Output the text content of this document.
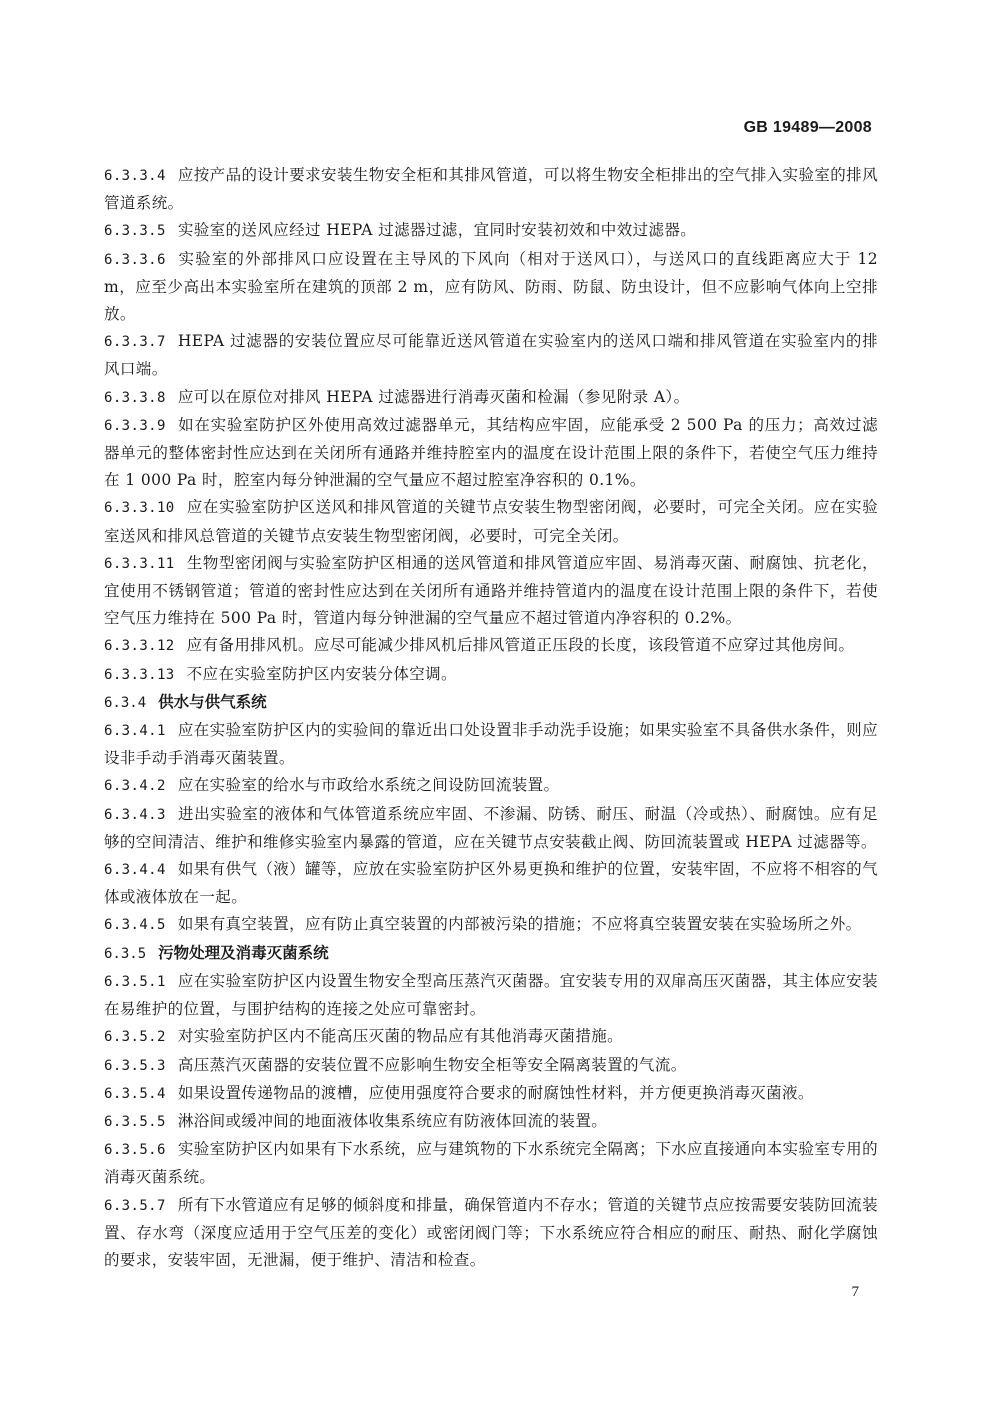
GB 19489—2008

6.3.3.4 应按产品的设计要求安装生物安全柜和其排风管道，可以将生物安全柜排出的空气排入实验室的排风管道系统。

6.3.3.5 实验室的送风应经过 HEPA 过滤器过滤，宜同时安装初效和中效过滤器。

6.3.3.6 实验室的外部排风口应设置在主导风的下风向（相对于送风口），与送风口的直线距离应大于 12 m，应至少高出本实验室所在建筑的顶部 2 m，应有防风、防雨、防鼠、防虫设计，但不应影响气体向上空排放。

6.3.3.7 HEPA 过滤器的安装位置应尽可能靠近送风管道在实验室内的送风口端和排风管道在实验室内的排风口端。

6.3.3.8 应可以在原位对排风 HEPA 过滤器进行消毒灭菌和检漏（参见附录 A）。

6.3.3.9 如在实验室防护区外使用高效过滤器单元，其结构应牢固，应能承受 2 500 Pa 的压力；高效过滤器单元的整体密封性应达到在关闭所有通路并维持腔室内的温度在设计范围上限的条件下，若使空气压力维持在 1 000 Pa 时，腔室内每分钟泄漏的空气量应不超过腔室净容积的 0.1%。

6.3.3.10 应在实验室防护区送风和排风管道的关键节点安装生物型密闭阀，必要时，可完全关闭。应在实验室送风和排风总管道的关键节点安装生物型密闭阀，必要时，可完全关闭。

6.3.3.11 生物型密闭阀与实验室防护区相通的送风管道和排风管道应牢固、易消毒灭菌、耐腐蚀、抗老化，宜使用不锈钢管道；管道的密封性应达到在关闭所有通路并维持管道内的温度在设计范围上限的条件下，若使空气压力维持在 500 Pa 时，管道内每分钟泄漏的空气量应不超过管道内净容积的 0.2%。

6.3.3.12 应有备用排风机。应尽可能减少排风机后排风管道正压段的长度，该段管道不应穿过其他房间。

6.3.3.13 不应在实验室防护区内安装分体空调。

6.3.4 供水与供气系统

6.3.4.1 应在实验室防护区内的实验间的靠近出口处设置非手动洗手设施；如果实验室不具备供水条件，则应设非手动手消毒灭菌装置。

6.3.4.2 应在实验室的给水与市政给水系统之间设防回流装置。

6.3.4.3 进出实验室的液体和气体管道系统应牢固、不渗漏、防锈、耐压、耐温（冷或热）、耐腐蚀。应有足够的空间清洁、维护和维修实验室内暴露的管道，应在关键节点安装截止阀、防回流装置或 HEPA 过滤器等。

6.3.4.4 如果有供气（液）罐等，应放在实验室防护区外易更换和维护的位置，安装牢固，不应将不相容的气体或液体放在一起。

6.3.4.5 如果有真空装置，应有防止真空装置的内部被污染的措施；不应将真空装置安装在实验场所之外。

6.3.5 污物处理及消毒灭菌系统

6.3.5.1 应在实验室防护区内设置生物安全型高压蒸汽灭菌器。宜安装专用的双扉高压灭菌器，其主体应安装在易维护的位置，与围护结构的连接之处应可靠密封。

6.3.5.2 对实验室防护区内不能高压灭菌的物品应有其他消毒灭菌措施。

6.3.5.3 高压蒸汽灭菌器的安装位置不应影响生物安全柜等安全隔离装置的气流。

6.3.5.4 如果设置传递物品的渡槽，应使用强度符合要求的耐腐蚀性材料，并方便更换消毒灭菌液。

6.3.5.5 淋浴间或缓冲间的地面液体收集系统应有防液体回流的装置。

6.3.5.6 实验室防护区内如果有下水系统，应与建筑物的下水系统完全隔离；下水应直接通向本实验室专用的消毒灭菌系统。

6.3.5.7 所有下水管道应有足够的倾斜度和排量，确保管道内不存水；管道的关键节点应按需要安装防回流装置、存水弯（深度应适用于空气压差的变化）或密闭阀门等；下水系统应符合相应的耐压、耐热、耐化学腐蚀的要求，安装牢固，无泄漏，便于维护、清洁和检查。

7
